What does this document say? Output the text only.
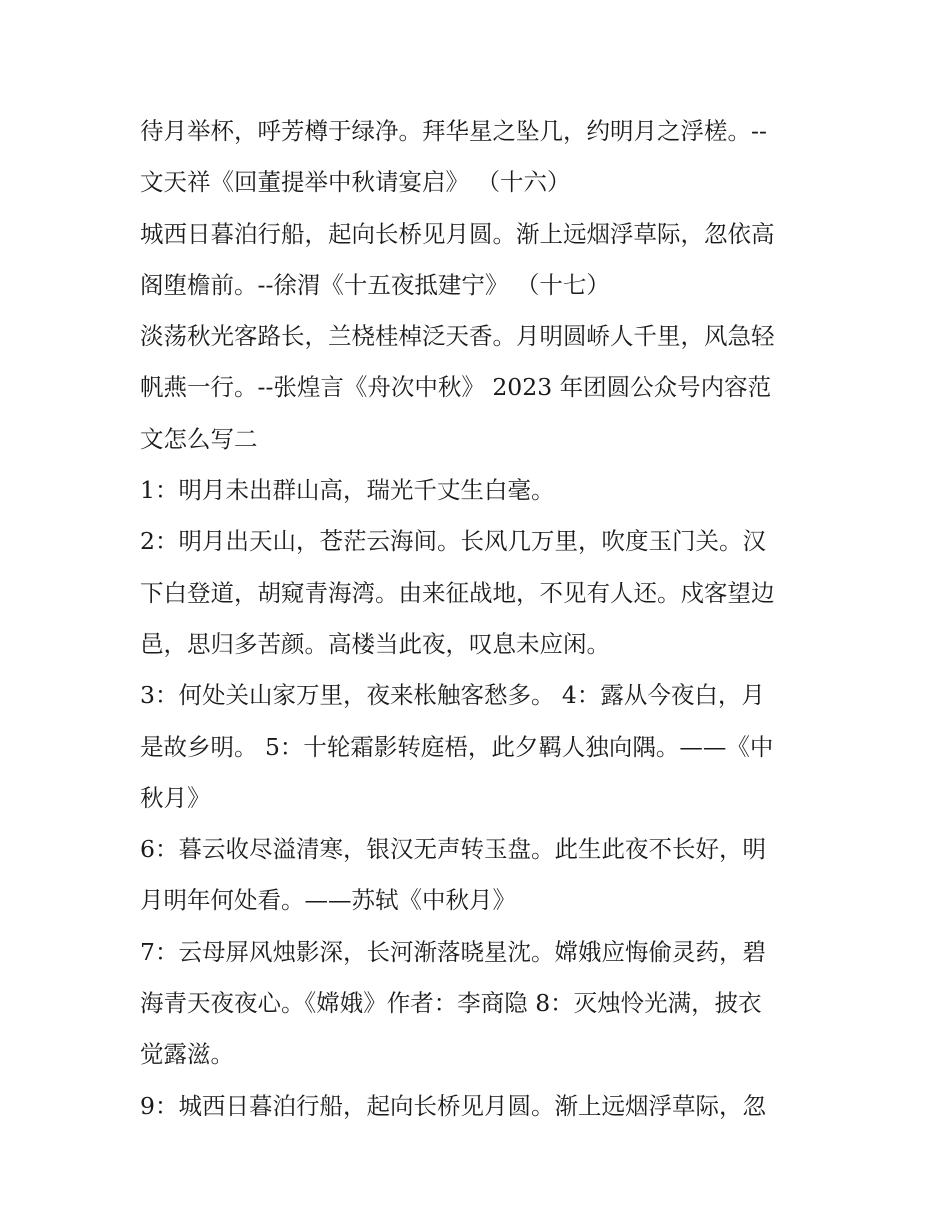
待月举杯，呼芳樽于绿净。拜华星之坠几，约明月之浮槎。--
文天祥《回董提举中秋请宴启》 （十六）
城西日暮泊行船，起向长桥见月圆。渐上远烟浮草际，忽依高
阁堕檐前。--徐渭《十五夜抵建宁》 （十七）
淡荡秋光客路长，兰桡桂棹泛天香。月明圆峤人千里，风急轻
帆燕一行。--张煌言《舟次中秋》 2023 年团圆公众号内容范
文怎么写二
1：明月未出群山高，瑞光千丈生白毫。
2：明月出天山，苍茫云海间。长风几万里，吹度玉门关。汉
下白登道，胡窥青海湾。由来征战地，不见有人还。戍客望边
邑，思归多苦颜。高楼当此夜，叹息未应闲。
3：何处关山家万里，夜来枨触客愁多。 4：露从今夜白，月
是故乡明。 5：十轮霜影转庭梧，此夕羁人独向隅。——《中
秋月》
6：暮云收尽溢清寒，银汉无声转玉盘。此生此夜不长好，明
月明年何处看。——苏轼《中秋月》
7：云母屏风烛影深，长河渐落晓星沈。嫦娥应悔偷灵药，碧
海青天夜夜心。《嫦娥》作者：李商隐 8：灭烛怜光满，披衣
觉露滋。
9：城西日暮泊行船，起向长桥见月圆。渐上远烟浮草际，忽
